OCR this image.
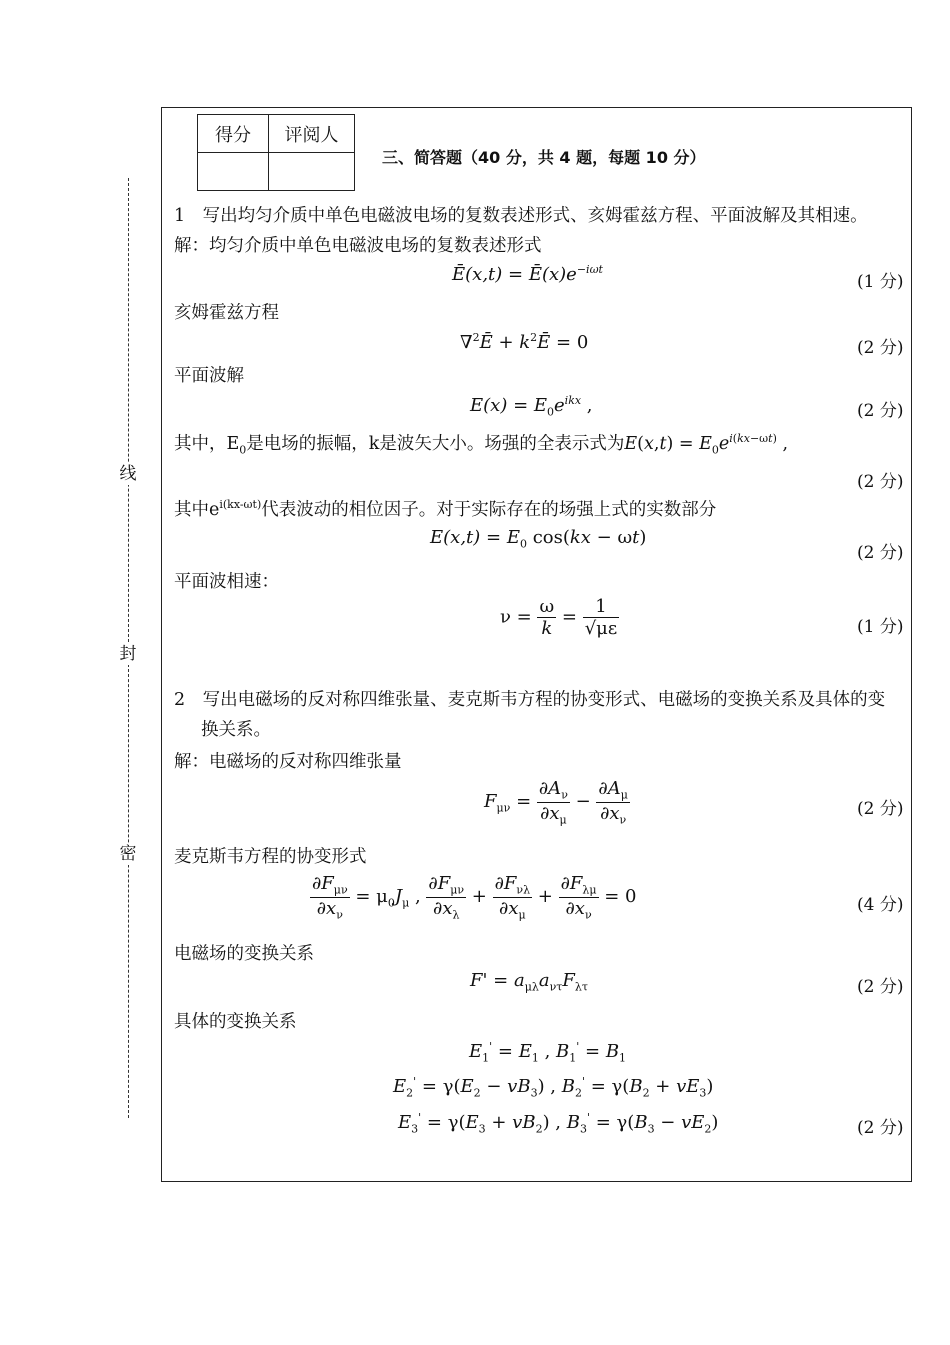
线
封
密
得分	评阅人

三、简答题（40 分，共 4 题，每题 10 分）
1　写出均匀介质中单色电磁波电场的复数表述形式、亥姆霍兹方程、平面波解及其相速。
解：均匀介质中单色电磁波电场的复数表述形式
Ē(x,t) = $Ē(x)e^{-i\omega t}$
(1 分)
亥姆霍兹方程
∇$^2$Ē + $k^2Ē = 0$	(2 分)
平面波解
$E(x) = E_0e^{ikx}$ ,	(2 分)
其中，$E_0$是电场的振幅，k是波矢大小。场强的全表示式为$E(x,t) = E_0e^{i(kx-\omega t)}$ ,
(2 分)
其中$e^{i(kx-\omega t)}$代表波动的相位因子。对于实际存在的场强上式的实数部分
$E(x,t) = E_0$ cos(kx − ωt)
(2 分)
平面波相速：
$\nu = \frac{\omega}{k} = \frac{1}{√\mu\varepsilon}$	(1 分)
2　写出电磁场的反对称四维张量、麦克斯韦方程的协变形式、电磁场的变换关系及具体的变
换关系。
解：电磁场的反对称四维张量
$F_{\mu\nu} = \frac{\partial A_\nu}{\partial x_\mu} - \frac{\partial A_\mu}{\partial x_\nu}$	(2 分)
麦克斯韦方程的协变形式
$\frac{\partial F_{\mu\nu}}{\partial x_\nu} = \mu_0J_\mu$ , $\frac{\partial F_{\mu\nu}}{\partial x_\lambda} + \frac{\partial F_{\nu\lambda}}{\partial x_\mu} + \frac{\partial F_{\lambda\mu}}{\partial x_\nu} = 0$	(4 分)
电磁场的变换关系
$F' = a_{\mu\lambda}a_{\nu\tau}F_{\lambda\tau}$	(2 分)
具体的变换关系
$E_1' = E_1$ , $B_1' = B_1$
$E_2' = \gamma(E_2 - vB_3)$ , $B_2' = \gamma(B_2 + vE_3)$
$E_3' = \gamma(E_3 + vB_2)$ , $B_3' = \gamma(B_3 - vE_2)$	(2 分)
